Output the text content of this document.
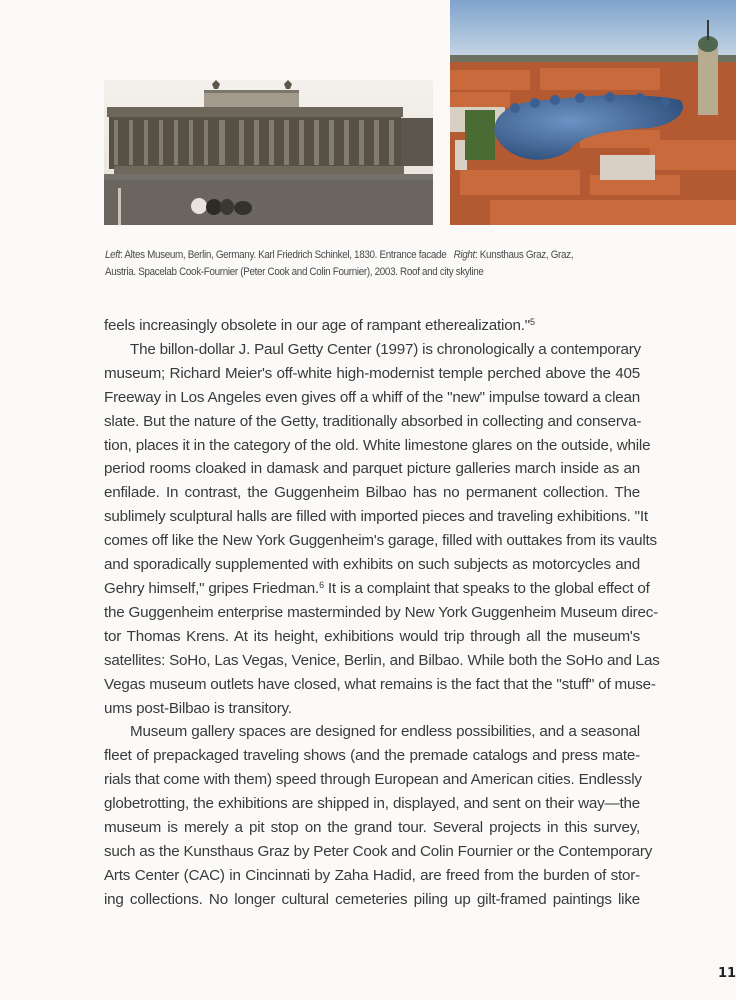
Left: Altes Museum, Berlin, Germany. Karl Friedrich Schinkel, 1830. Entrance facade Right: Kunsthaus Graz, Graz,
Austria. Spacelab Cook-Fournier (Peter Cook and Colin Fournier), 2003. Roof and city skyline
feels increasingly obsolete in our age of rampant etherealization."$^5$
The billon-dollar J. Paul Getty Center (1997) is chronologically a contemporary
museum; Richard Meier's off-white high-modernist temple perched above the 405
Freeway in Los Angeles even gives off a whiff of the "new" impulse toward a clean
slate. But the nature of the Getty, traditionally absorbed in collecting and conserva-
tion, places it in the category of the old. White limestone glares on the outside, while
period rooms cloaked in damask and parquet picture galleries march inside as an
enfilade. In contrast, the Guggenheim Bilbao has no permanent collection. The
sublimely sculptural halls are filled with imported pieces and traveling exhibitions. "It
comes off like the New York Guggenheim's garage, filled with outtakes from its vaults
and sporadically supplemented with exhibits on such subjects as motorcycles and
Gehry himself," gripes Friedman.$^6$ It is a complaint that speaks to the global effect of
the Guggenheim enterprise masterminded by New York Guggenheim Museum direc-
tor Thomas Krens. At its height, exhibitions would trip through all the museum's
satellites: SoHo, Las Vegas, Venice, Berlin, and Bilbao. While both the SoHo and Las
Vegas museum outlets have closed, what remains is the fact that the "stuff" of muse-
ums post-Bilbao is transitory.
Museum gallery spaces are designed for endless possibilities, and a seasonal
fleet of prepackaged traveling shows (and the premade catalogs and press mate-
rials that come with them) speed through European and American cities. Endlessly
globetrotting, the exhibitions are shipped in, displayed, and sent on their way—the
museum is merely a pit stop on the grand tour. Several projects in this survey,
such as the Kunsthaus Graz by Peter Cook and Colin Fournier or the Contemporary
Arts Center (CAC) in Cincinnati by Zaha Hadid, are freed from the burden of stor-
ing collections. No longer cultural cemeteries piling up gilt-framed paintings like
11
